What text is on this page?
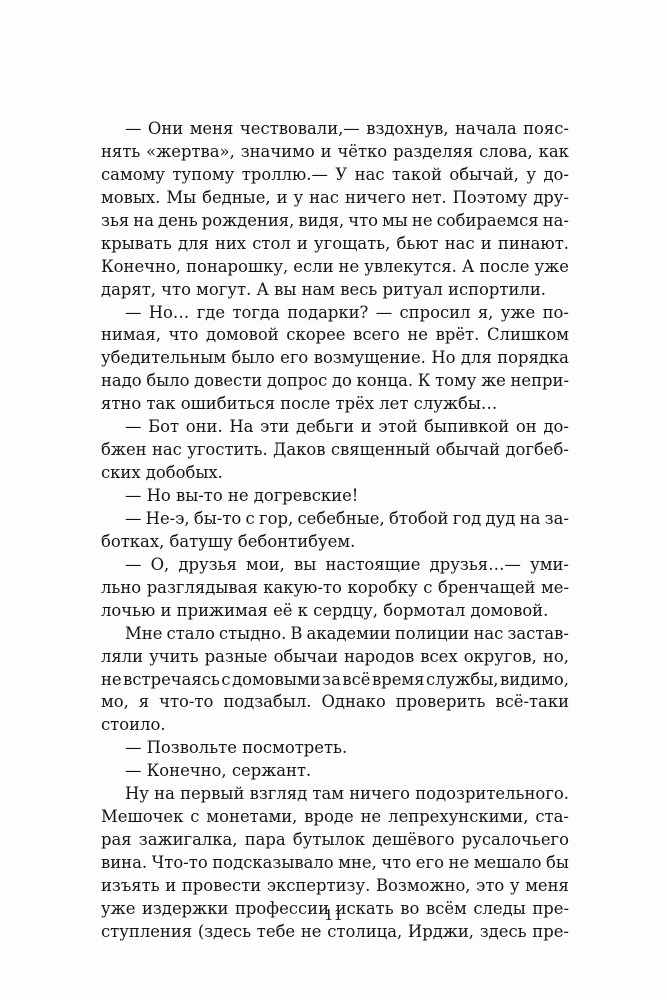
— Они меня чествовали,— вздохнув, начала пояс-
нять «жертва», значимо и чётко разделяя слова, как
самому тупому троллю.— У нас такой обычай, у до-
мовых. Мы бедные, и у нас ничего нет. Поэтому дру-
зья на день рождения, видя, что мы не собираемся на-
крывать для них стол и угощать, бьют нас и пинают.
Конечно, понарошку, если не увлекутся. А после уже
дарят, что могут. А вы нам весь ритуал испортили.
— Но… где тогда подарки? — спросил я, уже по-
нимая, что домовой скорее всего не врёт. Слишком
убедительным было его возмущение. Но для порядка
надо было довести допрос до конца. К тому же непри-
ятно так ошибиться после трёх лет службы…
— Бот они. На эти дебьги и этой быпивкой он до-
бжен нас угостить. Даков священный обычай догбеб-
ских добобых.
— Но вы-то не догревские!
— Не-э, бы-то с гор, себебные, бтобой год дуд на за-
боткax, батушу бебонтибуем.
— О, друзья мои, вы настоящие друзья…— уми-
льно разглядывая какую-то коробку с бренчащей ме-
лочью и прижимая её к сердцу, бормотал домовой.
Мне стало стыдно. В академии полиции нас застав-
ляли учить разные обычаи народов всех округов, но,
не встречаясь с домовыми за всё время службы, видимо,
мо, я что-то подзабыл. Однако проверить всё-таки
стоило.
— Позвольте посмотреть.
— Конечно, сержант.
Ну на первый взгляд там ничего подозрительного.
Мешочек с монетами, вроде не лепрехунскими, ста-
рая зажигалка, пара бутылок дешёвого русалочьего
вина. Что-то подсказывало мне, что его не мешало бы
изъять и провести экспертизу. Возможно, это у меня
уже издержки профессии искать во всём следы пре-
ступления (здесь тебе не столица, Ирджи, здесь пре-
11
